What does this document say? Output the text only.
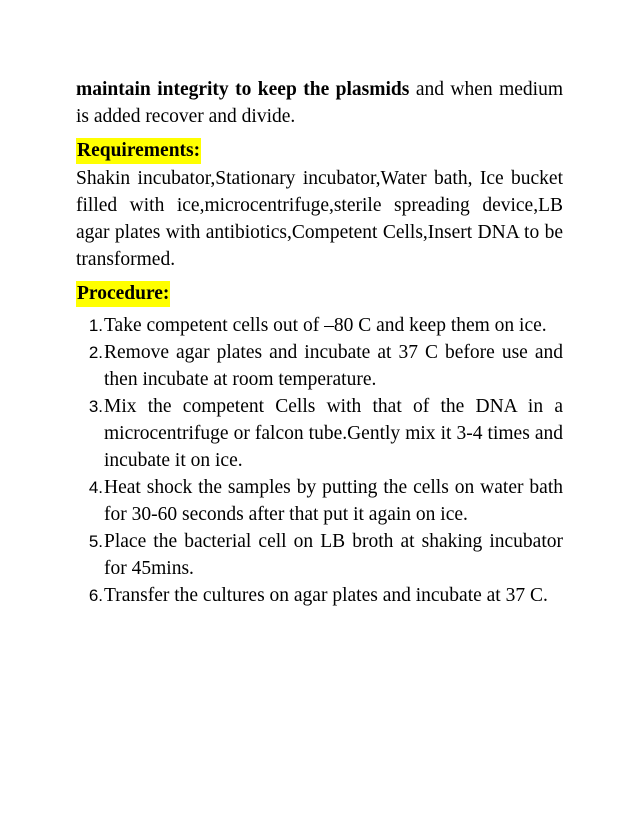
maintain integrity to keep the plasmids and when medium is added recover and divide.

Requirements:

Shakin incubator,Stationary incubator,Water bath, Ice bucket filled with ice,microcentrifuge,sterile spreading device,LB agar plates with antibiotics,Competent Cells,Insert DNA to be transformed.

Procedure:
1. Take competent cells out of –80 C and keep them on ice.
2. Remove agar plates and incubate at 37 C before use and then incubate at room temperature.
3. Mix the competent Cells with that of the DNA in a microcentrifuge or falcon tube.Gently mix it 3-4 times and incubate it on ice.
4. Heat shock the samples by putting the cells on water bath for 30-60 seconds after that put it again on ice.
5. Place the bacterial cell on LB broth at shaking incubator for 45mins.
6. Transfer the cultures on agar plates and incubate at 37 C.
